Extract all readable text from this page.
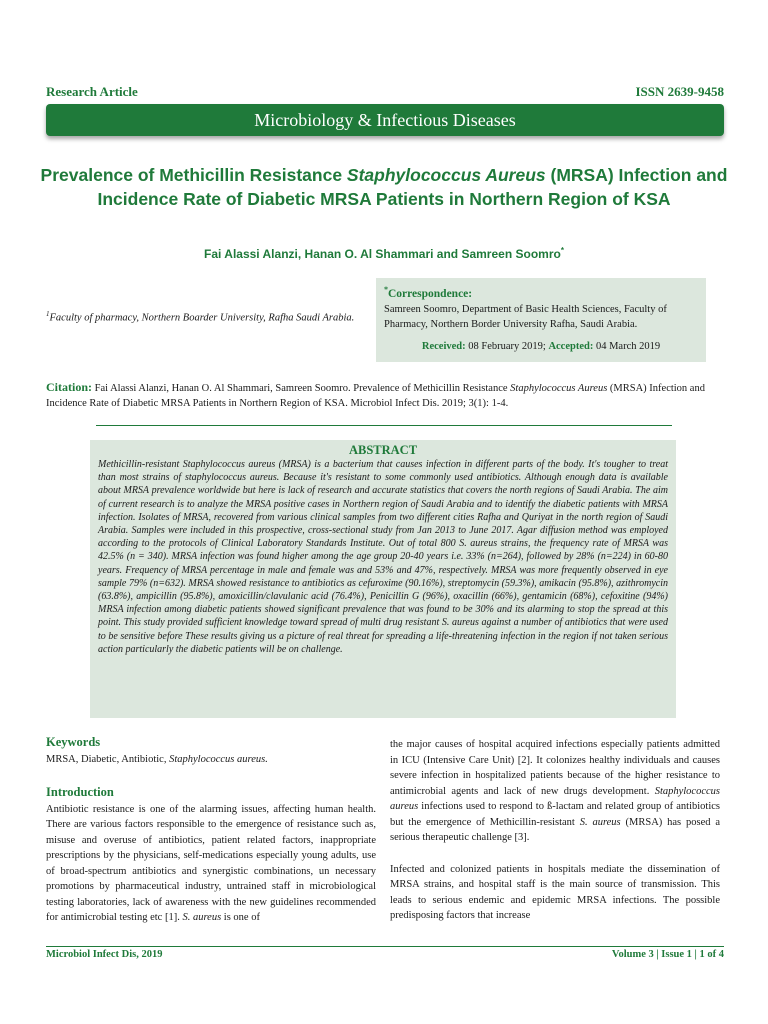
Research Article	ISSN 2639-9458
Microbiology & Infectious Diseases
Prevalence of Methicillin Resistance Staphylococcus Aureus (MRSA) Infection and Incidence Rate of Diabetic MRSA Patients in Northern Region of KSA
Fai Alassi Alanzi, Hanan O. Al Shammari and Samreen Soomro*
$^1$Faculty of pharmacy, Northern Boarder University, Rafha Saudi Arabia.
*Correspondence:
Samreen Soomro, Department of Basic Health Sciences, Faculty of Pharmacy, Northern Border University Rafha, Saudi Arabia.
Received: 08 February 2019; Accepted: 04 March 2019
Citation: Fai Alassi Alanzi, Hanan O. Al Shammari, Samreen Soomro. Prevalence of Methicillin Resistance Staphylococcus Aureus (MRSA) Infection and Incidence Rate of Diabetic MRSA Patients in Northern Region of KSA. Microbiol Infect Dis. 2019; 3(1): 1-4.
ABSTRACT
Methicillin-resistant Staphylococcus aureus (MRSA) is a bacterium that causes infection in different parts of the body. It's tougher to treat than most strains of staphylococcus aureus. Because it's resistant to some commonly used antibiotics. Although enough data is available about MRSA prevalence worldwide but here is lack of research and accurate statistics that covers the north regions of Saudi Arabia. The aim of current research is to analyze the MRSA positive cases in Northern region of Saudi Arabia and to identify the diabetic patients with MRSA infection. Isolates of MRSA, recovered from various clinical samples from two different cities Rafha and Quriyat in the north region of Saudi Arabia. Samples were included in this prospective, cross-sectional study from Jan 2013 to June 2017. Agar diffusion method was employed according to the protocols of Clinical Laboratory Standards Institute. Out of total 800 S. aureus strains, the frequency rate of MRSA was 42.5% (n = 340). MRSA infection was found higher among the age group 20-40 years i.e. 33% (n=264), followed by 28% (n=224) in 60-80 years. Frequency of MRSA percentage in male and female was and 53% and 47%, respectively. MRSA was more frequently observed in eye sample 79% (n=632). MRSA showed resistance to antibiotics as cefuroxime (90.16%), streptomycin (59.3%), amikacin (95.8%), azithromycin (63.8%), ampicillin (95.8%), amoxicillin/clavulanic acid (76.4%), Penicillin G (96%), oxacillin (66%), gentamicin (68%), cefoxitine (94%) MRSA infection among diabetic patients showed significant prevalence that was found to be 30% and its alarming to stop the spread at this point. This study provided sufficient knowledge toward spread of multi drug resistant S. aureus against a number of antibiotics that were used to be sensitive before These results giving us a picture of real threat for spreading a life-threatening infection in the region if not taken serious action particularly the diabetic patients will be on challenge.
Keywords

MRSA, Diabetic, Antibiotic, Staphylococcus aureus.

Introduction

Antibiotic resistance is one of the alarming issues, affecting human health. There are various factors responsible to the emergence of resistance such as, misuse and overuse of antibiotics, patient related factors, inappropriate prescriptions by the physicians, self-medications especially young adults, use of broad-spectrum antibiotics and synergistic combinations, un necessary promotions by pharmaceutical industry, untrained staff in microbiological testing laboratories, lack of awareness with the new guidelines recommended for antimicrobial testing etc [1]. S. aureus is one of

the major causes of hospital acquired infections especially patients admitted in ICU (Intensive Care Unit) [2]. It colonizes healthy individuals and causes severe infection in hospitalized patients because of the higher resistance to antimicrobial agents and lack of new drugs development. Staphylococcus aureus infections used to respond to ß-lactam and related group of antibiotics but the emergence of Methicillin-resistant S. aureus (MRSA) has posed a serious therapeutic challenge [3].

Infected and colonized patients in hospitals mediate the dissemination of MRSA strains, and hospital staff is the main source of transmission. This leads to serious endemic and epidemic MRSA infections. The possible predisposing factors that increase

Microbiol Infect Dis, 2019	Volume 3 | Issue 1 | 1 of 4
